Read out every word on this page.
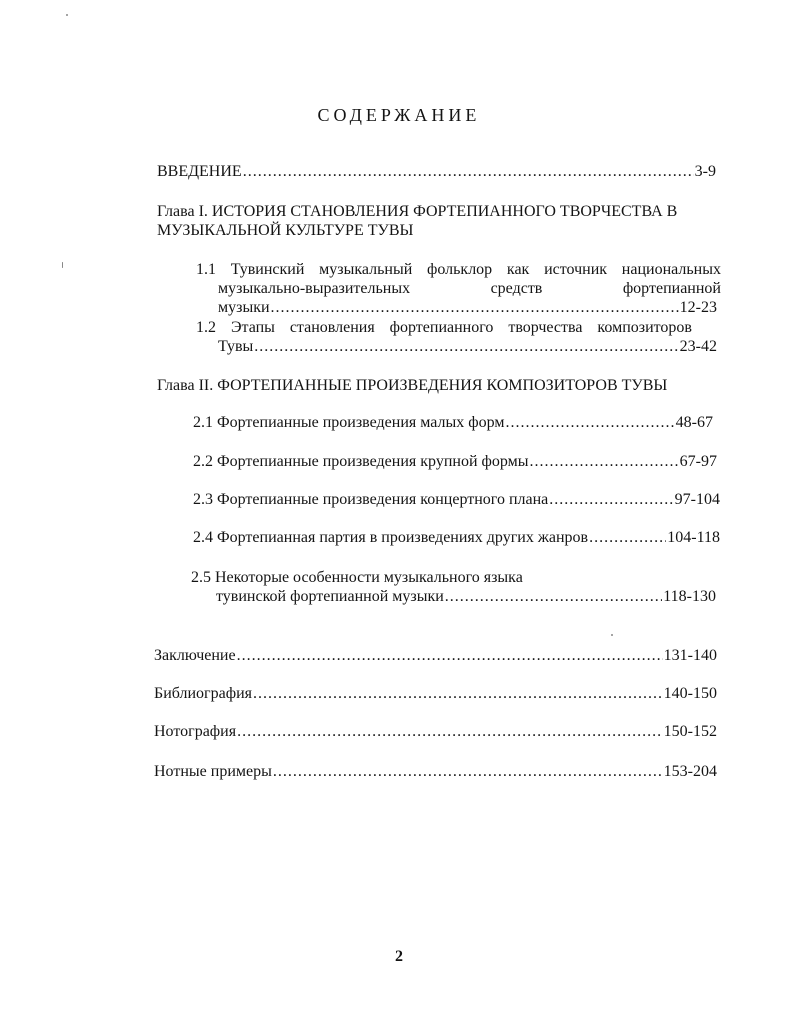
СОДЕРЖАНИЕ
ВВЕДЕНИЕ .....	3-9
Глава I. ИСТОРИЯ СТАНОВЛЕНИЯ ФОРТЕПИАННОГО ТВОРЧЕСТВА В
МУЗЫКАЛЬНОЙ КУЛЬТУРЕ ТУВЫ
1.1 Тувинский музыкальный фольклор как источник национальных
музыкально-выразительных	средств	фортепианной
музыки .....	12-23
1.2 Этапы становления фортепианного творчества композиторов
Тувы .....	23-42
Глава II. ФОРТЕПИАННЫЕ ПРОИЗВЕДЕНИЯ КОМПОЗИТОРОВ ТУВЫ
2.1 Фортепианные произведения малых форм .....	48-67
2.2 Фортепианные произведения крупной формы .....	67-97
2.3 Фортепианные произведения концертного плана .....	97-104
2.4 Фортепианная партия в произведениях других жанров .....	104-118
2.5 Некоторые особенности музыкального языка
тувинской фортепианной музыки .....	118-130
Заключение .....	131-140
Библиография .....	140-150
Нотография .....	150-152
Нотные примеры .....	153-204
2
